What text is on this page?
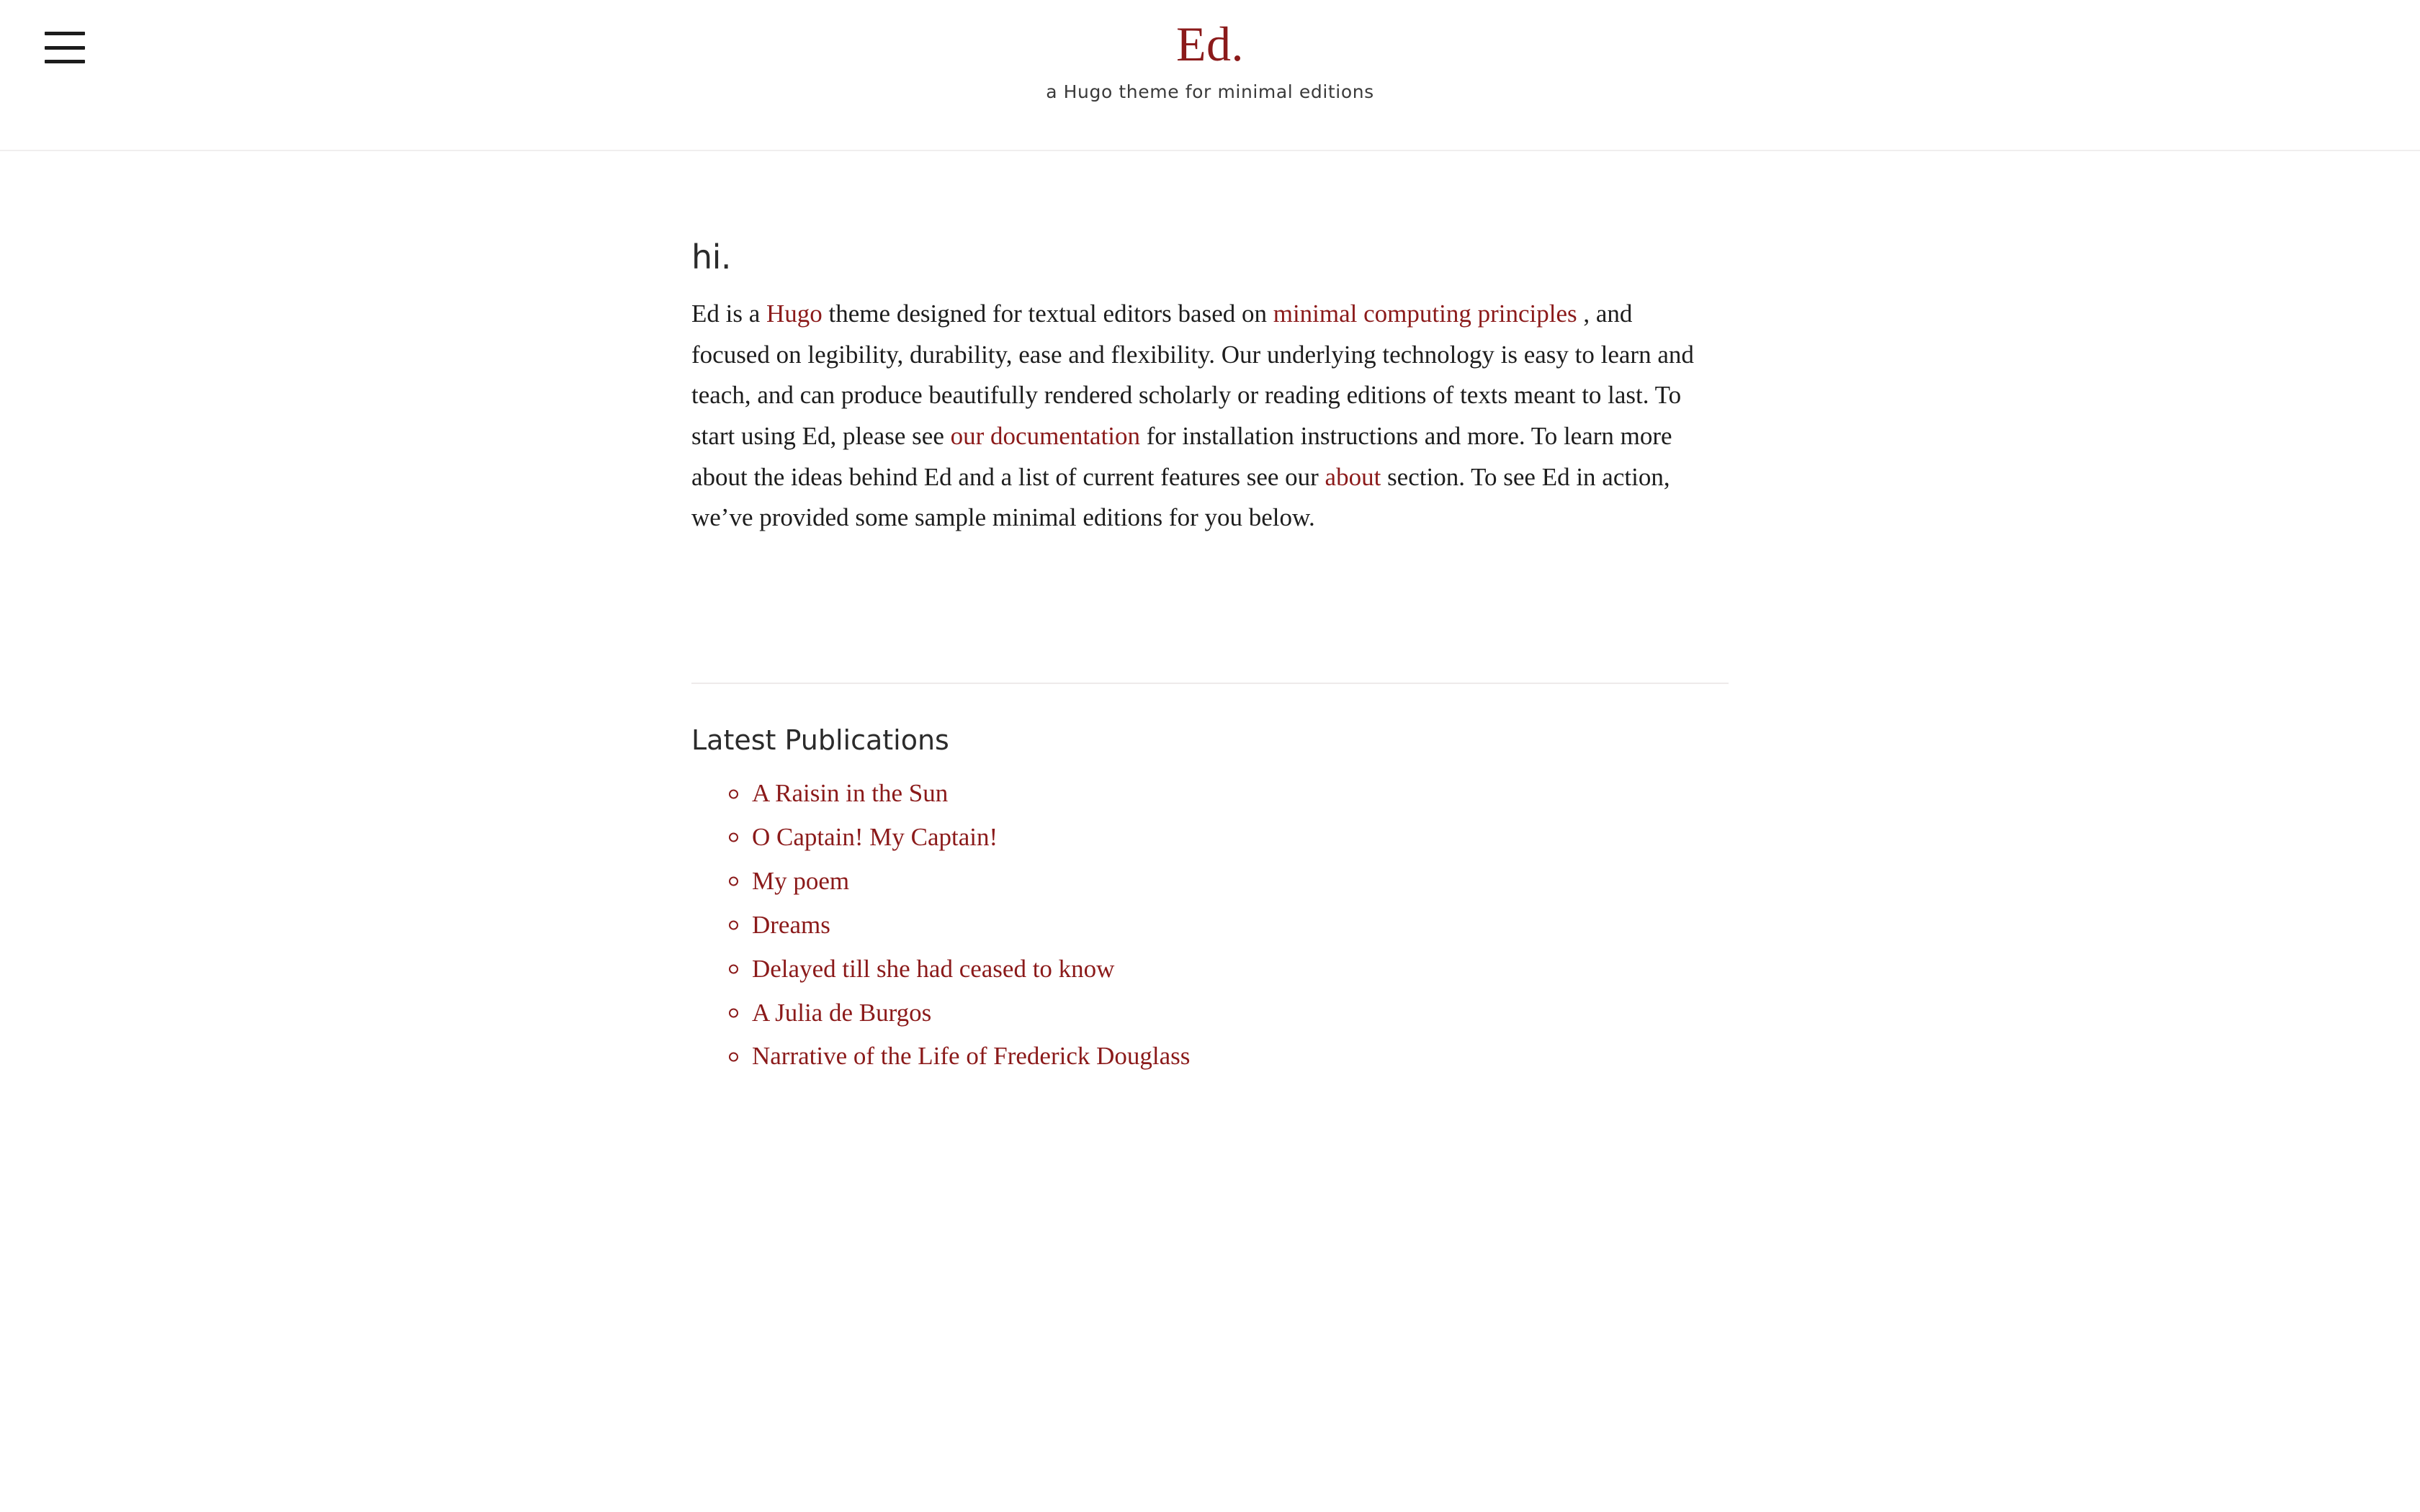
Ed.

a Hugo theme for minimal editions

hi.

Ed is a Hugo theme designed for textual editors based on minimal computing principles , and focused on legibility, durability, ease and flexibility. Our underlying technology is easy to learn and teach, and can produce beautifully rendered scholarly or reading editions of texts meant to last. To start using Ed, please see our documentation for installation instructions and more. To learn more about the ideas behind Ed and a list of current features see our about section. To see Ed in action, we’ve provided some sample minimal editions for you below.

Latest Publications
A Raisin in the Sun
O Captain! My Captain!
My poem
Dreams
Delayed till she had ceased to know
A Julia de Burgos
Narrative of the Life of Frederick Douglass
